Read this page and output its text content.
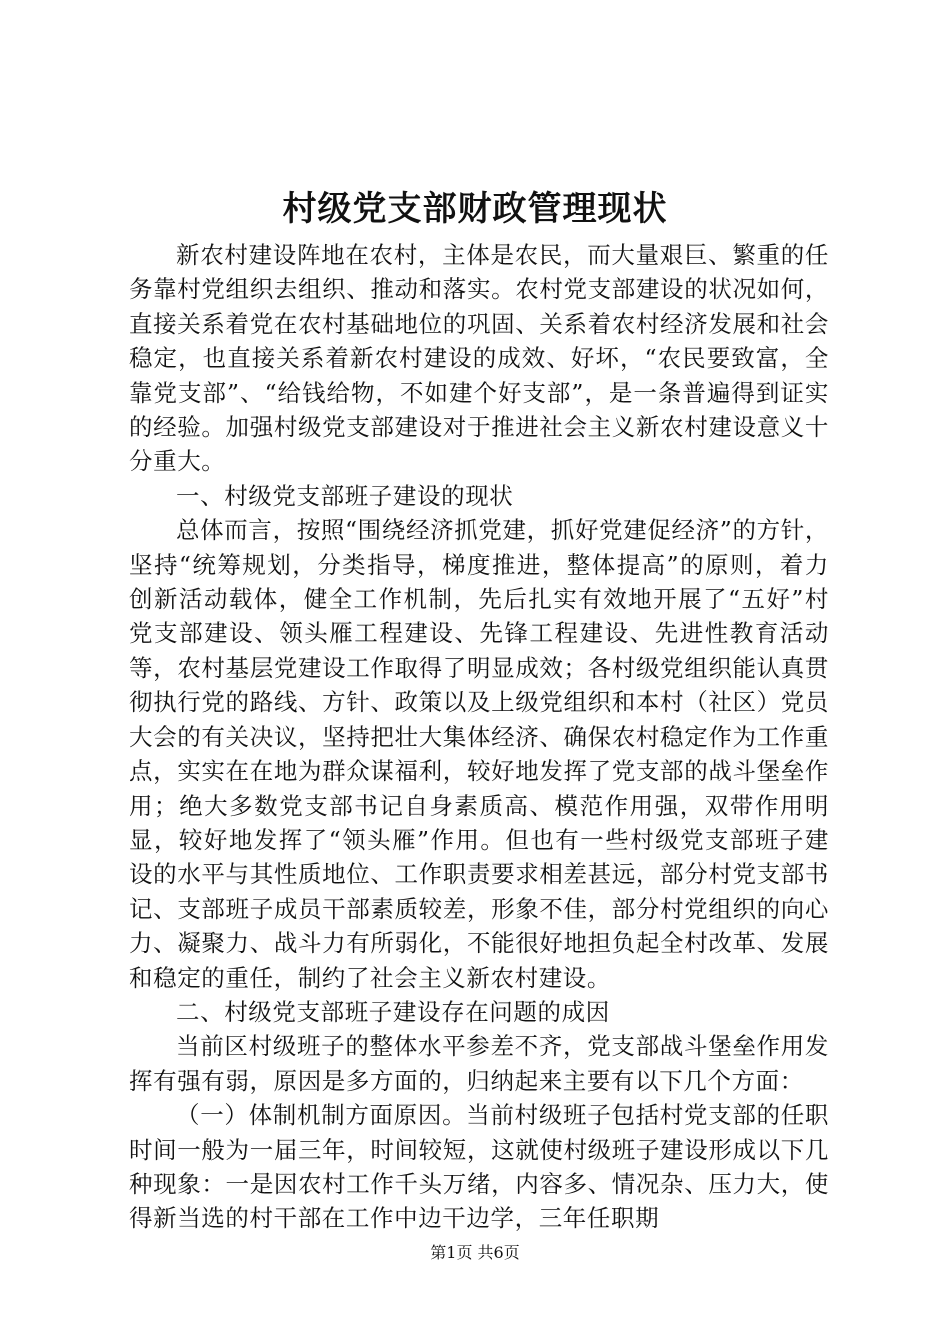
村级党支部财政管理现状

新农村建设阵地在农村，主体是农民，而大量艰巨、繁重的任务靠村党组织去组织、推动和落实。农村党支部建设的状况如何，直接关系着党在农村基础地位的巩固、关系着农村经济发展和社会稳定，也直接关系着新农村建设的成效、好坏，“农民要致富，全靠党支部”、“给钱给物，不如建个好支部”，是一条普遍得到证实的经验。加强村级党支部建设对于推进社会主义新农村建设意义十分重大。

一、村级党支部班子建设的现状

总体而言，按照“围绕经济抓党建，抓好党建促经济”的方针，坚持“统筹规划，分类指导，梯度推进，整体提高”的原则，着力创新活动载体，健全工作机制，先后扎实有效地开展了“五好”村党支部建设、领头雁工程建设、先锋工程建设、先进性教育活动等，农村基层党建设工作取得了明显成效；各村级党组织能认真贯彻执行党的路线、方针、政策以及上级党组织和本村（社区）党员大会的有关决议，坚持把壮大集体经济、确保农村稳定作为工作重点，实实在在地为群众谋福利，较好地发挥了党支部的战斗堡垒作用；绝大多数党支部书记自身素质高、模范作用强，双带作用明显，较好地发挥了“领头雁”作用。但也有一些村级党支部班子建设的水平与其性质地位、工作职责要求相差甚远，部分村党支部书记、支部班子成员干部素质较差，形象不佳，部分村党组织的向心力、凝聚力、战斗力有所弱化，不能很好地担负起全村改革、发展和稳定的重任，制约了社会主义新农村建设。

二、村级党支部班子建设存在问题的成因

当前区村级班子的整体水平参差不齐，党支部战斗堡垒作用发挥有强有弱，原因是多方面的，归纳起来主要有以下几个方面：

（一）体制机制方面原因。当前村级班子包括村党支部的任职时间一般为一届三年，时间较短，这就使村级班子建设形成以下几种现象：一是因农村工作千头万绪，内容多、情况杂、压力大，使得新当选的村干部在工作中边干边学，三年任职期

第1页 共6页
